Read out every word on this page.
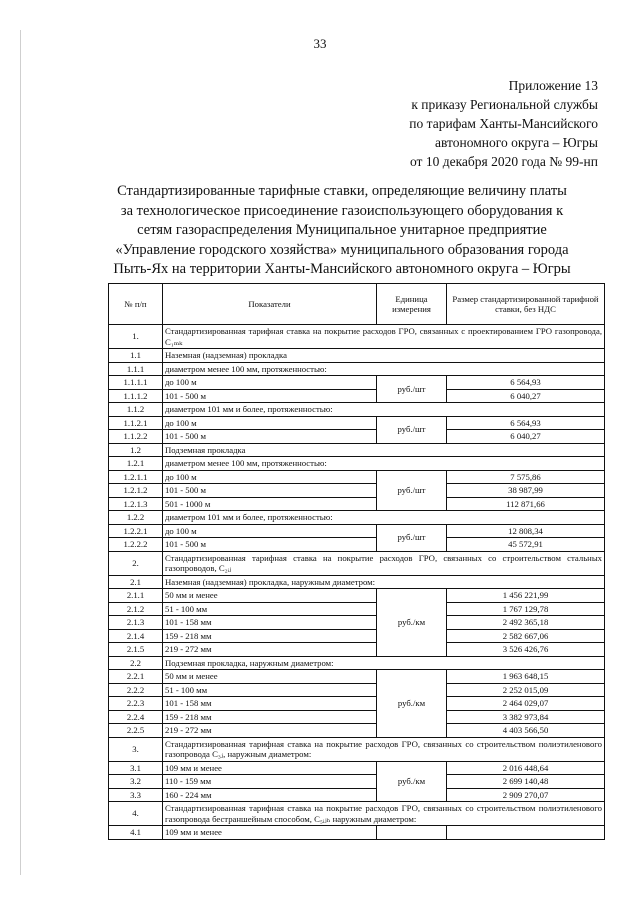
33
Приложение 13
к приказу Региональной службы
по тарифам Ханты-Мансийского
автономного округа – Югры
от 10 декабря 2020 года № 99-нп
Стандартизированные тарифные ставки, определяющие величину платы
за технологическое присоединение газоиспользующего оборудования к
сетям газораспределения Муниципальное унитарное предприятие
«Управление городского хозяйства» муниципального образования города
Пыть-Ях на территории Ханты-Мансийского автономного округа – Югры
№ п/п	Показатели	Единица измерения	Размер стандартизированной тарифной ставки, без НДС
1.	Стандартизированная тарифная ставка на покрытие расходов ГРО, связанных с проектированием ГРО газопровода, С₁ₘₖ		
1.1	Наземная (надземная) прокладка		
1.1.1	диаметром менее 100 мм, протяженностью:		
1.1.1.1	до 100 м	руб./шт	6 564,93
1.1.1.2	101 - 500 м		6 040,27
1.1.2	диаметром 101 мм и более, протяженностью:		
1.1.2.1	до 100 м	руб./шт	6 564,93
1.1.2.2	101 - 500 м		6 040,27
1.2	Подземная прокладка		
1.2.1	диаметром менее 100 мм, протяженностью:		
1.2.1.1	до 100 м	руб./шт	7 575,86
1.2.1.2	101 - 500 м		38 987,99
1.2.1.3	501 - 1000 м		112 871,66
1.2.2	диаметром 101 мм и более, протяженностью:		
1.2.2.1	до 100 м	руб./шт	12 808,34
1.2.2.2	101 - 500 м		45 572,91
2.	Стандартизированная тарифная ставка на покрытие расходов ГРО, связанных со строительством стальных газопроводов, С₂ᵢⱼ		
2.1	Наземная (надземная) прокладка, наружным диаметром:		
2.1.1	50 мм и менее	руб./км	1 456 221,99
2.1.2	51 - 100 мм		1 767 129,78
2.1.3	101 - 158 мм		2 492 365,18
2.1.4	159 - 218 мм		2 582 667,06
2.1.5	219 - 272 мм		3 526 426,76
2.2	Подземная прокладка, наружным диаметром:		
2.2.1	50 мм и менее	руб./км	1 963 648,15
2.2.2	51 - 100 мм		2 252 015,09
2.2.3	101 - 158 мм		2 464 029,07
2.2.4	159 - 218 мм		3 382 973,84
2.2.5	219 - 272 мм		4 403 566,50
3.	Стандартизированная тарифная ставка на покрытие расходов ГРО, связанных со строительством полиэтиленового газопровода С₃ⱼ, наружным диаметром:		
3.1	109 мм и менее	руб./км	2 016 448,64
3.2	110 - 159 мм		2 699 140,48
3.3	160 - 224 мм		2 909 270,07
4.	Стандартизированная тарифная ставка на покрытие расходов ГРО, связанных со строительством полиэтиленового газопровода бестраншейным способом, С₅ᵢⱼₕ наружным диаметром:		
4.1	109 мм и менее		
